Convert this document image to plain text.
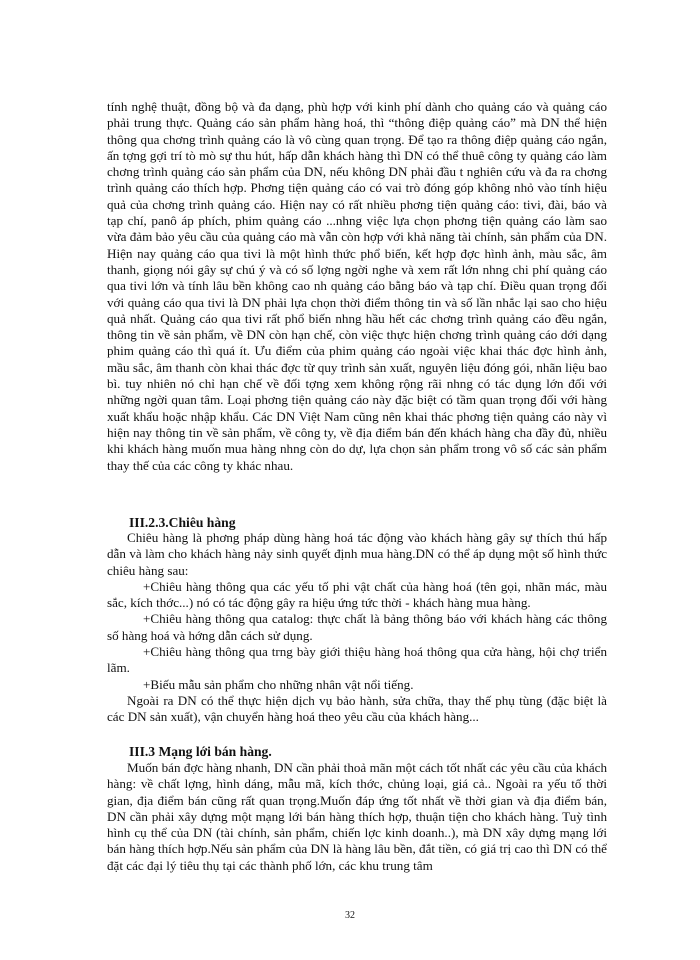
tính nghệ thuật, đồng bộ và đa dạng, phù hợp với kinh phí dành cho quảng cáo và quảng cáo phải trung thực. Quảng cáo sản phẩm hàng hoá, thì “thông điệp quảng cáo” mà DN thể hiện thông qua chơng trình quảng cáo là vô cùng quan trọng. Để tạo ra thông điệp quảng cáo ngắn, ấn tợng gợi trí tò mò sự thu hút, hấp dẫn khách hàng thì DN có thể thuê công ty quảng cáo làm chơng trình quảng cáo sản phẩm của DN, nếu không DN phải đầu t nghiên cứu và đa ra chơng trình quảng cáo thích hợp. Phơng tiện quảng cáo có vai trò đóng góp không nhỏ vào tính hiệu quả của chơng trình quảng cáo. Hiện nay có rất nhiều phơng tiện quảng cáo: tivi, đài, báo và tạp chí, panô áp phích, phim quảng cáo ...nhng việc lựa chọn phơng tiện quảng cáo làm sao vừa đảm bảo yêu cầu của quảng cáo mà vẫn còn hợp với khả năng tài chính, sản phẩm của DN. Hiện nay quảng cáo qua tivi là một hình thức phổ biến, kết hợp đợc hình ảnh, màu sắc, âm thanh, giọng nói gây sự chú ý và có số lợng ngời nghe và xem rất lớn nhng chi phí quảng cáo qua tivi lớn và tính lâu bền không cao nh quảng cáo bằng báo và tạp chí. Điều quan trọng đối với quảng cáo qua tivi là DN phải lựa chọn thời điểm thông tin và số lần nhắc lại sao cho hiệu quả nhất. Quảng cáo qua tivi rất phổ biến nhng hầu hết các chơng trình quảng cáo đều ngắn, thông tin về sản phẩm, về DN còn hạn chế, còn việc thực hiện chơng trình quảng cáo dới dạng phim quảng cáo thì quá ít. Ưu điểm của phim quảng cáo ngoài việc khai thác đợc hình ảnh, mầu sắc, âm thanh còn khai thác đợc từ quy trình sản xuất, nguyên liệu đóng gói, nhãn liệu bao bì. tuy nhiên nó chỉ hạn chế về đối tợng xem không rộng rãi nhng có tác dụng lớn đối với những ngời quan tâm. Loại phơng tiện quảng cáo này đặc biệt có tầm quan trọng đối với hàng xuất khẩu hoặc nhập khẩu. Các DN Việt Nam cũng nên khai thác phơng tiện quảng cáo này vì hiện nay thông tin về sản phẩm, về công ty, về địa điểm bán đến khách hàng cha đầy đủ, nhiều khi khách hàng muốn mua hàng nhng còn do dự, lựa chọn sản phẩm trong vô số các sản phẩm thay thế của các công ty khác nhau.

III.2.3.Chiêu hàng

Chiêu hàng là phơng pháp dùng hàng hoá tác động vào khách hàng gây sự thích thú hấp dẫn và làm cho khách hàng nảy sinh quyết định mua hàng.DN có thể áp dụng một số hình thức chiêu hàng sau:

+Chiêu hàng thông qua các yếu tố phi vật chất của hàng hoá (tên gọi, nhãn mác, màu sắc, kích thớc...) nó có tác động gây ra hiệu ứng tức thời - khách hàng mua hàng.

+Chiêu hàng thông qua catalog: thực chất là bảng thông báo với khách hàng các thông số hàng hoá và hớng dẫn cách sử dụng.

+Chiêu hàng thông qua trng bày giới thiệu hàng hoá thông qua cửa hàng, hội chợ triển lãm.

+Biếu mẫu sản phẩm cho những nhân vật nổi tiếng.

Ngoài ra DN có thể thực hiện dịch vụ bảo hành, sửa chữa, thay thế phụ tùng (đặc biệt là các DN sản xuất), vận chuyển hàng hoá theo yêu cầu của khách hàng...

III.3 Mạng lới bán hàng.

Muốn bán đợc hàng nhanh, DN cần phải thoả mãn một cách tốt nhất các yêu cầu của khách hàng: về chất lợng, hình dáng, mẫu mã, kích thớc, chủng loại, giá cả.. Ngoài ra yếu tố thời gian, địa điểm bán cũng rất quan trọng.Muốn đáp ứng tốt nhất về thời gian và địa điểm bán, DN cần phải xây dựng một mạng lới bán hàng thích hợp, thuận tiện cho khách hàng. Tuỳ tình hình cụ thể của DN (tài chính, sản phẩm, chiến lợc kinh doanh..), mà DN xây dựng mạng lới bán hàng thích hợp.Nếu sản phẩm của DN là hàng lâu bền, đắt tiền, có giá trị cao thì DN có thể đặt các đại lý tiêu thụ tại các thành phố lớn, các khu trung tâm

32
